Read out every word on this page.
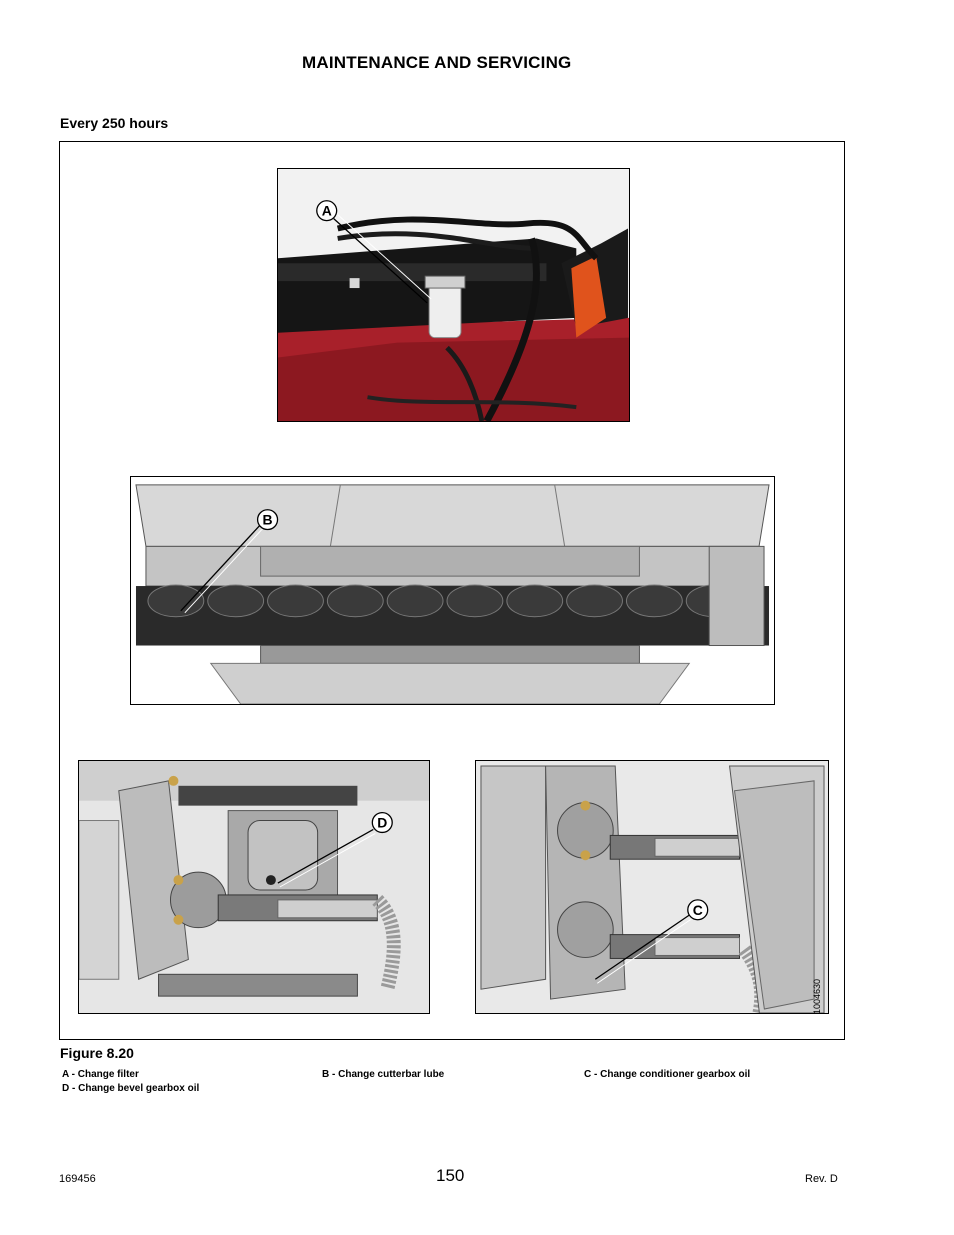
MAINTENANCE AND SERVICING
Every 250 hours
A
B
D
C
1004630
Figure 8.20
A - Change filter	B - Change cutterbar lube	C - Change conditioner gearbox oil
D - Change bevel gearbox oil
169456	150	Rev. D
